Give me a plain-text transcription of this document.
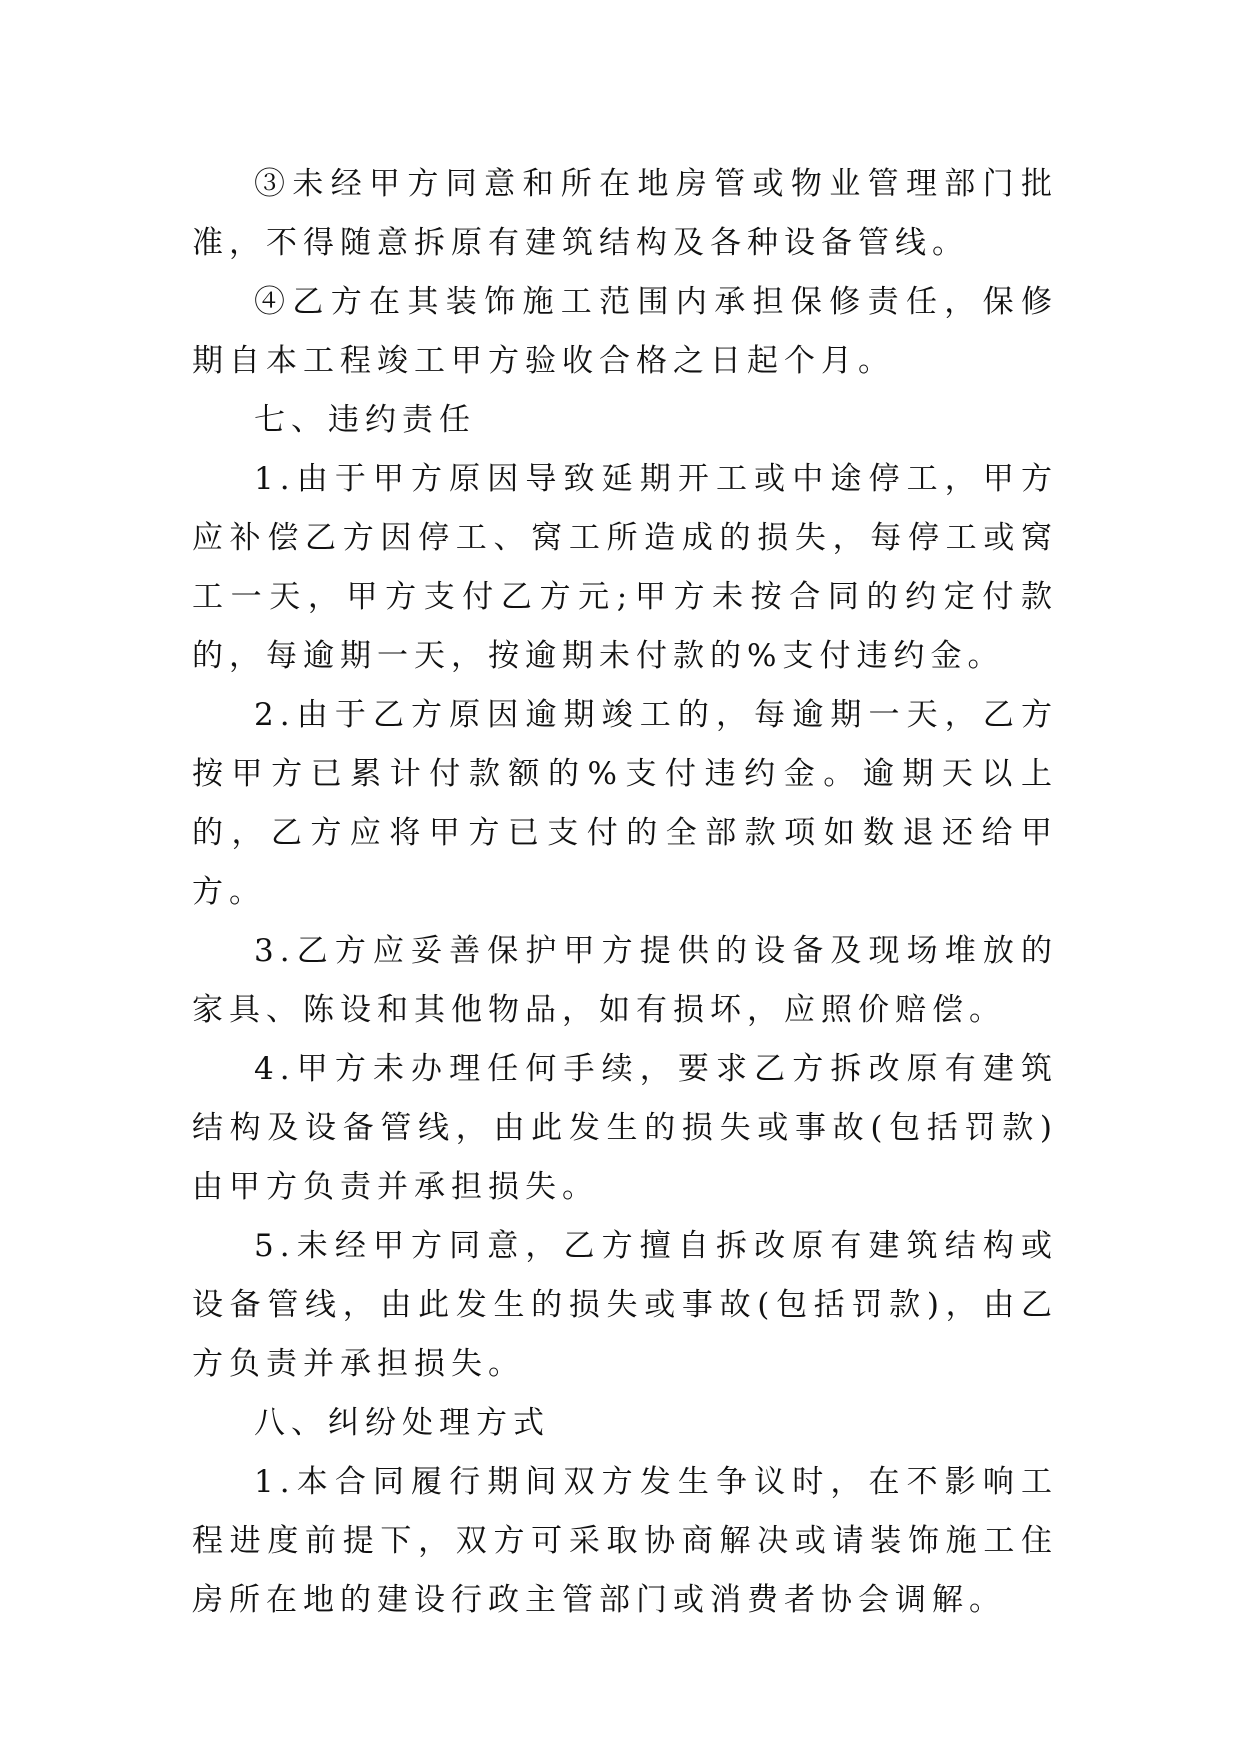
③未经甲方同意和所在地房管或物业管理部门批准，不得随意拆原有建筑结构及各种设备管线。

④乙方在其装饰施工范围内承担保修责任，保修期自本工程竣工甲方验收合格之日起个月。

七、违约责任

1.由于甲方原因导致延期开工或中途停工，甲方应补偿乙方因停工、窝工所造成的损失，每停工或窝工一天，甲方支付乙方元;甲方未按合同的约定付款的，每逾期一天，按逾期未付款的%支付违约金。

2.由于乙方原因逾期竣工的，每逾期一天，乙方按甲方已累计付款额的%支付违约金。逾期天以上的，乙方应将甲方已支付的全部款项如数退还给甲方。

3.乙方应妥善保护甲方提供的设备及现场堆放的家具、陈设和其他物品，如有损坏，应照价赔偿。

4.甲方未办理任何手续，要求乙方拆改原有建筑结构及设备管线，由此发生的损失或事故(包括罚款)由甲方负责并承担损失。

5.未经甲方同意，乙方擅自拆改原有建筑结构或设备管线，由此发生的损失或事故(包括罚款)，由乙方负责并承担损失。

八、纠纷处理方式

1.本合同履行期间双方发生争议时，在不影响工程进度前提下，双方可采取协商解决或请装饰施工住房所在地的建设行政主管部门或消费者协会调解。
